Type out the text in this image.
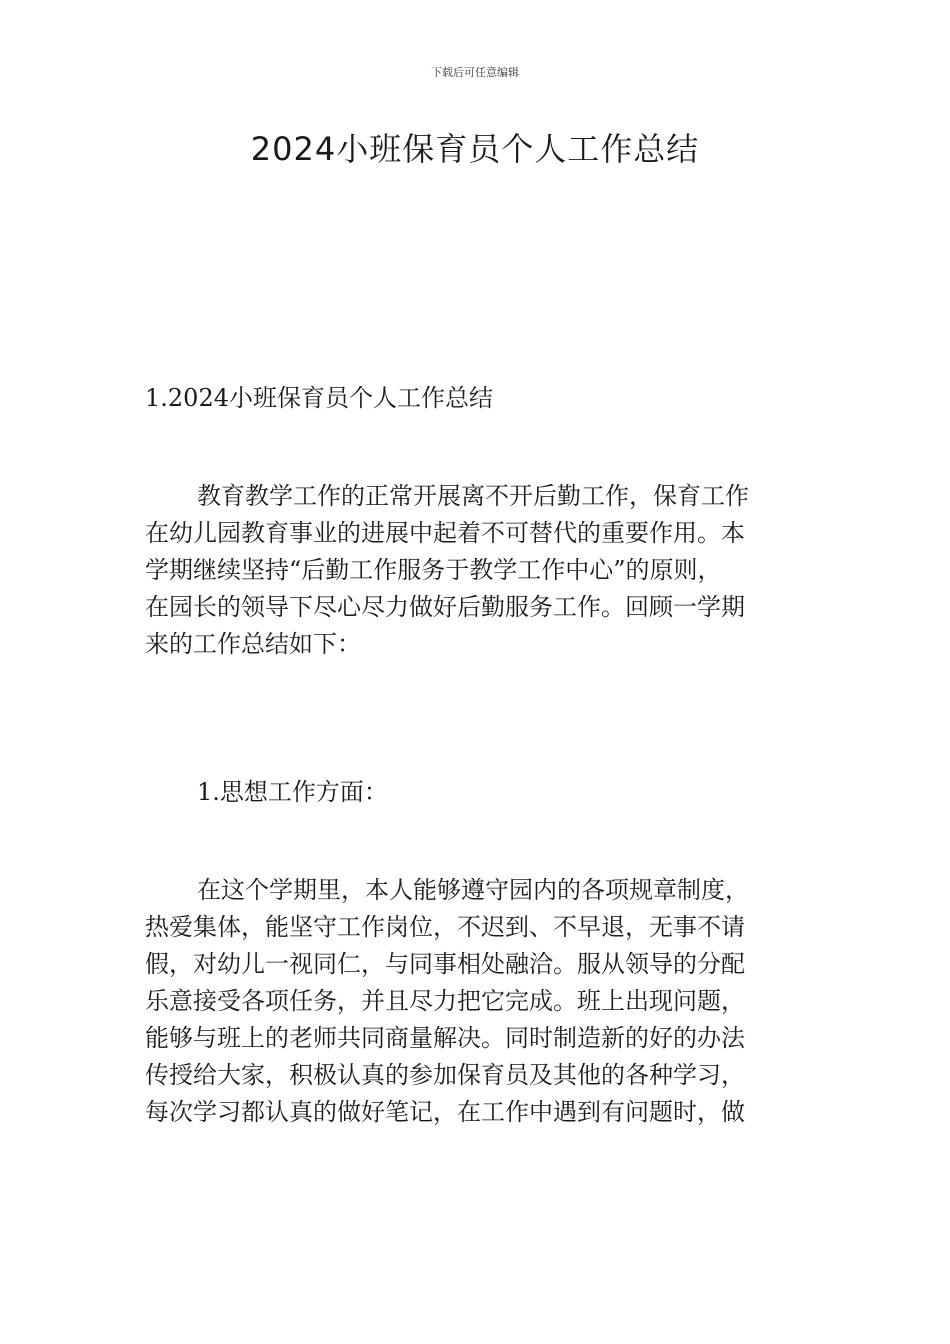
下载后可任意编辑
2024小班保育员个人工作总结

1.2024小班保育员个人工作总结

教育教学工作的正常开展离不开后勤工作，保育工作
在幼儿园教育事业的进展中起着不可替代的重要作用。本
学期继续坚持“后勤工作服务于教学工作中心”的原则，
在园长的领导下尽心尽力做好后勤服务工作。回顾一学期
来的工作总结如下：

1.思想工作方面：

在这个学期里，本人能够遵守园内的各项规章制度，
热爱集体，能坚守工作岗位，不迟到、不早退，无事不请
假，对幼儿一视同仁，与同事相处融洽。服从领导的分配
乐意接受各项任务，并且尽力把它完成。班上出现问题，
能够与班上的老师共同商量解决。同时制造新的好的办法
传授给大家，积极认真的参加保育员及其他的各种学习，
每次学习都认真的做好笔记，在工作中遇到有问题时，做
